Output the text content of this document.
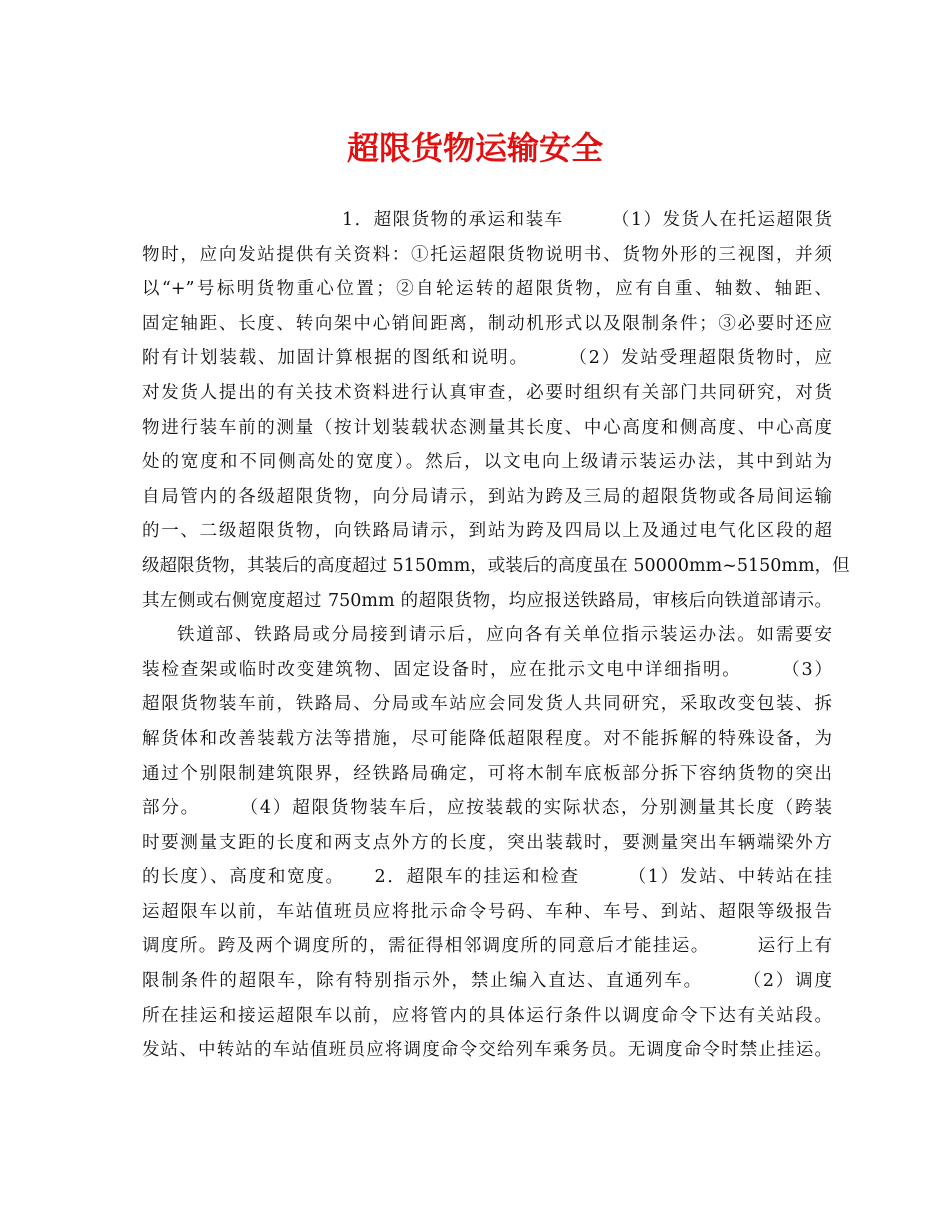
超限货物运输安全

1．超限货物的承运和装车　　　（1）发货人在托运超限货

物时，应向发站提供有关资料：①托运超限货物说明书、货物外形的三视图，并须

以“+”号标明货物重心位置；②自轮运转的超限货物，应有自重、轴数、轴距、

固定轴距、长度、转向架中心销间距离，制动机形式以及限制条件；③必要时还应

附有计划装载、加固计算根据的图纸和说明。　　　（2）发站受理超限货物时，应

对发货人提出的有关技术资料进行认真审查，必要时组织有关部门共同研究，对货

物进行装车前的测量（按计划装载状态测量其长度、中心高度和侧高度、中心高度

处的宽度和不同侧高处的宽度）。然后，以文电向上级请示装运办法，其中到站为

自局管内的各级超限货物，向分局请示，到站为跨及三局的超限货物或各局间运输

的一、二级超限货物，向铁路局请示，到站为跨及四局以上及通过电气化区段的超

级超限货物，其装后的高度超过 5150mm，或装后的高度虽在 50000mm~5150mm，但

其左侧或右侧宽度超过 750mm 的超限货物，均应报送铁路局，审核后向铁道部请示。

铁道部、铁路局或分局接到请示后，应向各有关单位指示装运办法。如需要安

装检查架或临时改变建筑物、固定设备时，应在批示文电中详细指明。　　　（3）

超限货物装车前，铁路局、分局或车站应会同发货人共同研究，采取改变包装、拆

解货体和改善装载方法等措施，尽可能降低超限程度。对不能拆解的特殊设备，为

通过个别限制建筑限界，经铁路局确定，可将木制车底板部分拆下容纳货物的突出

部分。　　　（4）超限货物装车后，应按装载的实际状态，分别测量其长度（跨装

时要测量支距的长度和两支点外方的长度，突出装载时，要测量突出车辆端梁外方

的长度）、高度和宽度。　　2．超限车的挂运和检查　　　（1）发站、中转站在挂

运超限车以前，车站值班员应将批示命令号码、车种、车号、到站、超限等级报告

调度所。跨及两个调度所的，需征得相邻调度所的同意后才能挂运。　　　运行上有

限制条件的超限车，除有特别指示外，禁止编入直达、直通列车。　　　（2）调度

所在挂运和接运超限车以前，应将管内的具体运行条件以调度命令下达有关站段。

发站、中转站的车站值班员应将调度命令交给列车乘务员。无调度命令时禁止挂运。
